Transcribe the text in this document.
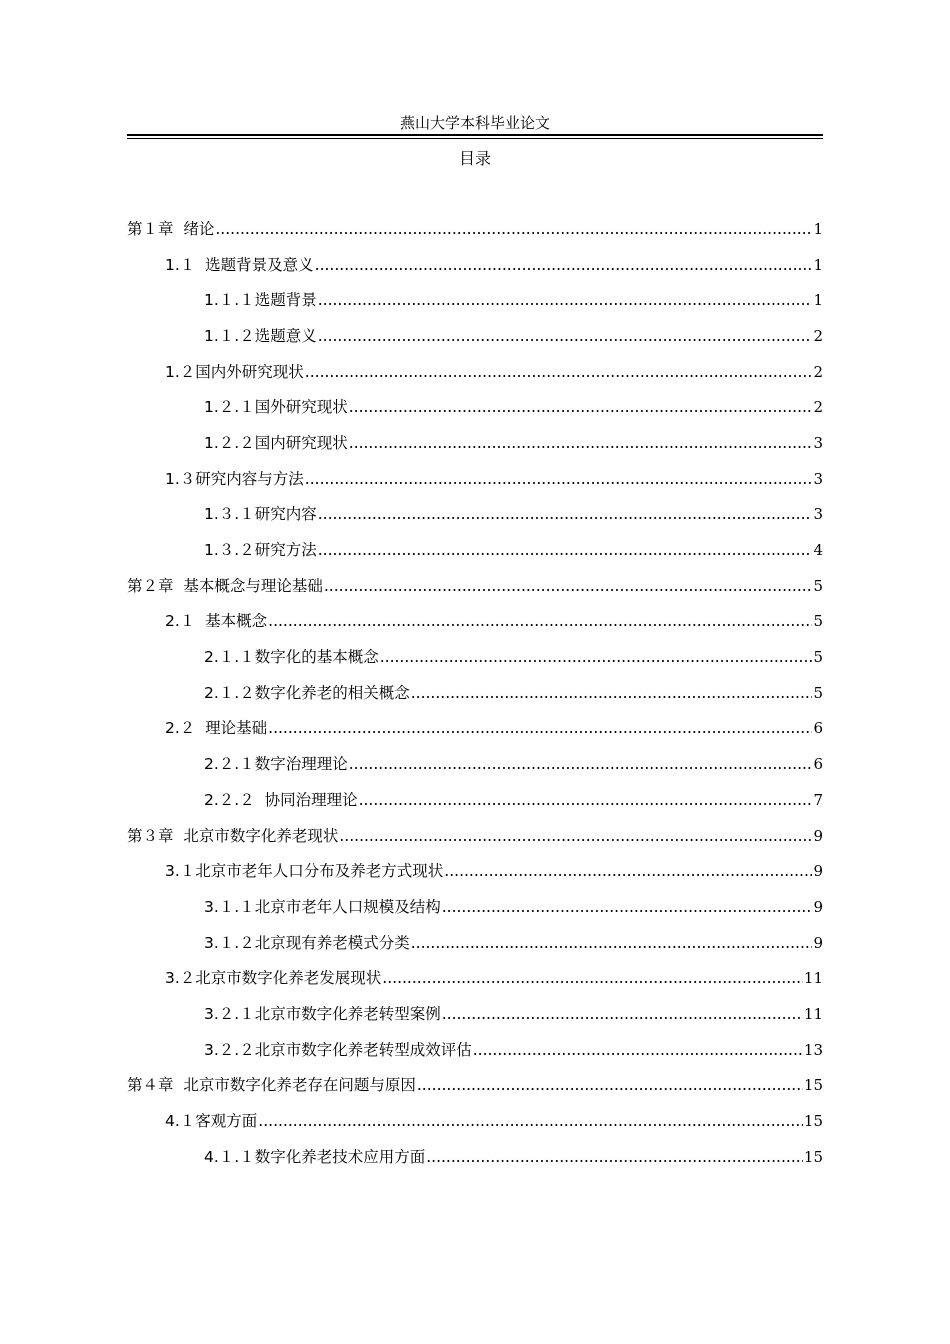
燕山大学本科毕业论文
目录
第１章  绪论 .....	1
1.１  选题背景及意义 .....	1
1.１.１选题背景 .....	1
1.１.２选题意义 .....	2
1.２国内外研究现状 .....	2
1.２.１国外研究现状 .....	2
1.２.２国内研究现状 .....	3
1.３研究内容与方法 .....	3
1.３.１研究内容 .....	3
1.３.２研究方法 .....	4
第２章  基本概念与理论基础 .....	5
2.１  基本概念 .....	5
2.１.１数字化的基本概念 .....	5
2.１.２数字化养老的相关概念 .....	5
2.２  理论基础 .....	6
2.２.１数字治理理论 .....	6
2.２.２  协同治理理论 .....	7
第３章  北京市数字化养老现状 .....	9
3.１北京市老年人口分布及养老方式现状 .....	9
3.１.１北京市老年人口规模及结构 .....	9
3.１.２北京现有养老模式分类 .....	9
3.２北京市数字化养老发展现状 .....	11
3.２.１北京市数字化养老转型案例 .....	11
3.２.２北京市数字化养老转型成效评估 .....	13
第４章  北京市数字化养老存在问题与原因 .....	15
4.１客观方面 .....	15
4.１.１数字化养老技术应用方面 .....	15
